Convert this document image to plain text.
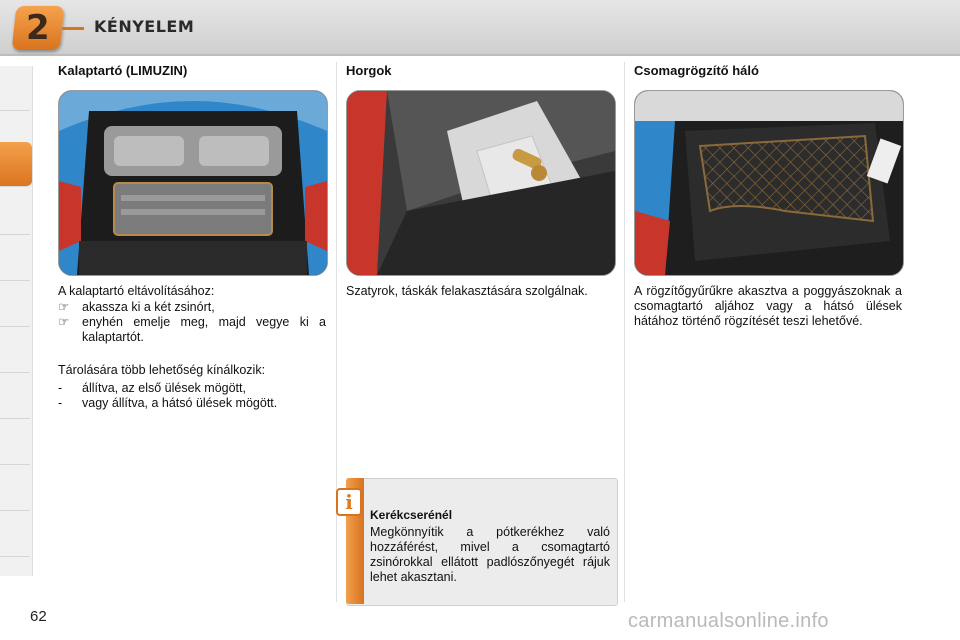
2	KÉNYELEM
Kalaptartó (LIMUZIN)

A kalaptartó eltávolításához:

☞	akassza ki a két zsinórt,
☞	enyhén emelje meg, majd vegye ki a kalaptartót.

Tárolására több lehetőség kínálkozik:

-	állítva, az első ülések mögött,
-	vagy állítva, a hátsó ülések mögött.
Horgok
Szatyrok, táskák felakasztására szolgálnak.
Csomagrögzítő háló
A rögzítőgyűrűkre akasztva a poggyászoknak a csomagtartó aljához vagy a hátsó ülések hátához történő rögzítését teszi lehetővé.
i
Kerékcserénél
Megkönnyítik a pótkerékhez való hozzáférést, mivel a csomagtartó zsinórokkal ellátott padlószőnyegét rájuk lehet akasztani.
62	carmanualsonline.info
